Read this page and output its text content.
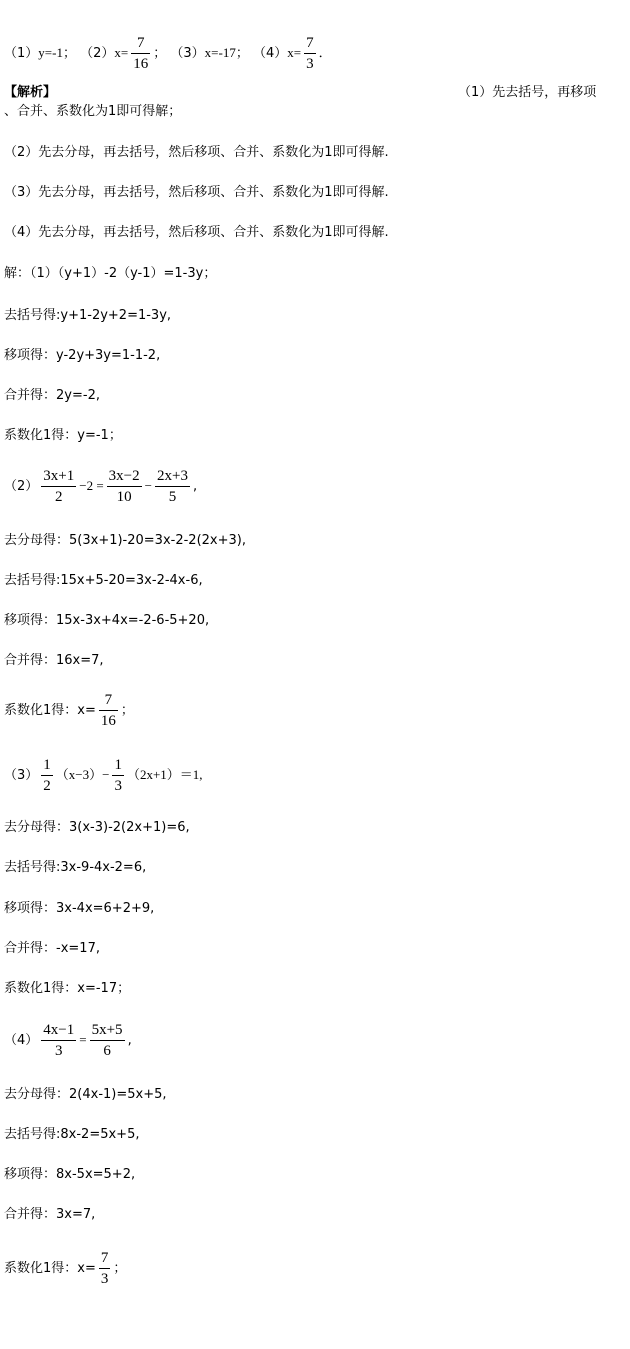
（1）y=-1； $(2)x= \frac{7}{16}$ ； （3）x=-17； $(4)x= \frac{7}{3}$ ．
【解析】	（1）先去括号，再移项
、合并、系数化为1即可得解；
（2）先去分母，再去括号，然后移项、合并、系数化为1即可得解.
（3）先去分母，再去括号，然后移项、合并、系数化为1即可得解.
（4）先去分母，再去括号，然后移项、合并、系数化为1即可得解.
解：（1）（y+1）-2（y-1）=1-3y；
去括号得:y+1-2y+2=1-3y,
移项得：y-2y+3y=1-1-2,
合并得：2y=-2,
系数化1得：y=-1；
$(2) \frac{3x+1}{2} -2 = \frac{3x-2}{10} - \frac{2x+3}{5}$ ,
去分母得：5(3x+1)-20=3x-2-2(2x+3),
去括号得:15x+5-20=3x-2-4x-6,
移项得：15x-3x+4x=-2-6-5+20,
合并得：16x=7,
系数化1得：$x= \frac{7}{16}$ ；
$(3) \frac{1}{2} (x-3)- \frac{1}{3} (2x+1)=1$,
去分母得：3(x-3)-2(2x+1)=6,
去括号得:3x-9-4x-2=6,
移项得：3x-4x=6+2+9,
合并得：-x=17,
系数化1得：x=-17；
$(4) \frac{4x-1}{3} = \frac{5x+5}{6}$ ,
去分母得：2(4x-1)=5x+5,
去括号得:8x-2=5x+5,
移项得：8x-5x=5+2,
合并得：3x=7,
系数化1得：$x= \frac{7}{3}$ ；
